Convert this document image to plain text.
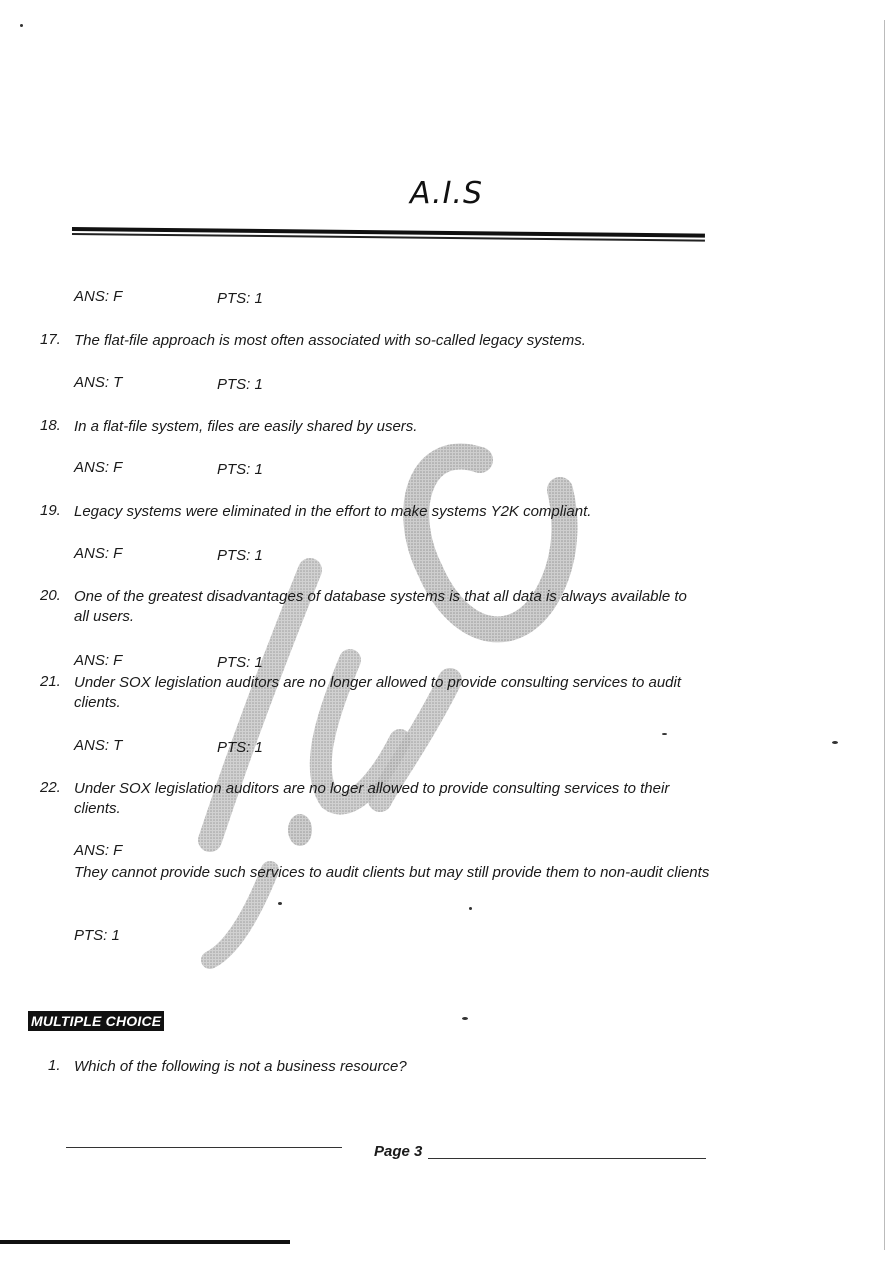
A.I.S
ANS: F	PTS: 1
17. The flat-file approach is most often associated with so-called legacy systems.
ANS: T	PTS: 1
18. In a flat-file system, files are easily shared by users.
ANS: F	PTS: 1
19. Legacy systems were eliminated in the effort to make systems Y2K compliant.
ANS: F	PTS: 1
20. One of the greatest disadvantages of database systems is that all data is always available to all users.
ANS: F	PTS: 1
21. Under SOX legislation auditors are no longer allowed to provide consulting services to audit clients.
ANS: T	PTS: 1
22. Under SOX legislation auditors are no loger allowed to provide consulting services to their clients.
ANS: F
They cannot provide such services to audit clients but may still provide them to non-audit clients
PTS: 1
MULTIPLE CHOICE
1. Which of the following is not a business resource?
Page 3
